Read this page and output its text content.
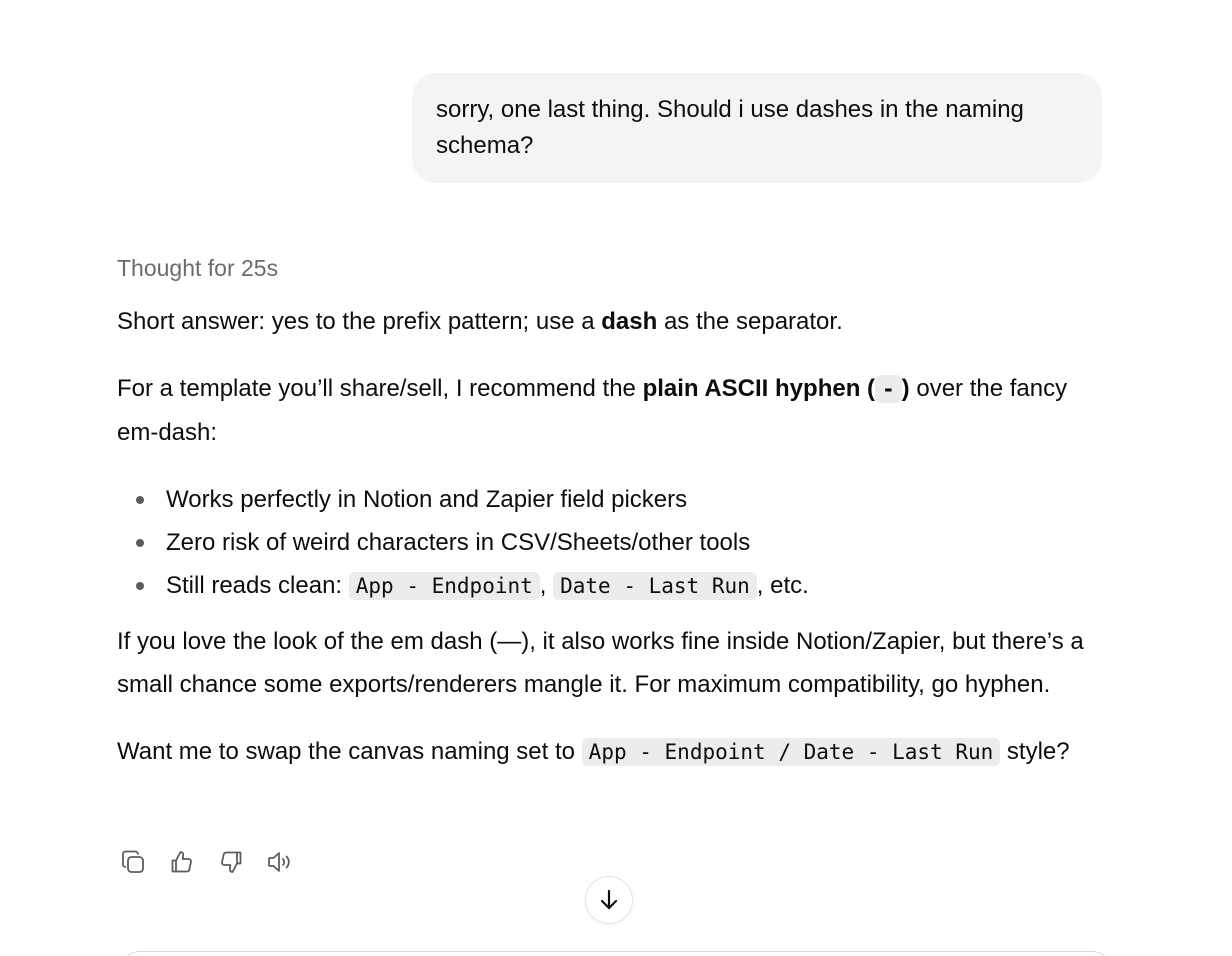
sorry, one last thing. Should i use dashes in the naming schema?

Thought for 25s

Short answer: yes to the prefix pattern; use a dash as the separator.

For a template you’ll share/sell, I recommend the plain ASCII hyphen ( - ) over the fancy em-dash:

Works perfectly in Notion and Zapier field pickers
Zero risk of weird characters in CSV/Sheets/other tools
Still reads clean: App - Endpoint , Date - Last Run , etc.

If you love the look of the em dash (—), it also works fine inside Notion/Zapier, but there’s a small chance some exports/renderers mangle it. For maximum compatibility, go hyphen.

Want me to swap the canvas naming set to App - Endpoint / Date - Last Run style?
